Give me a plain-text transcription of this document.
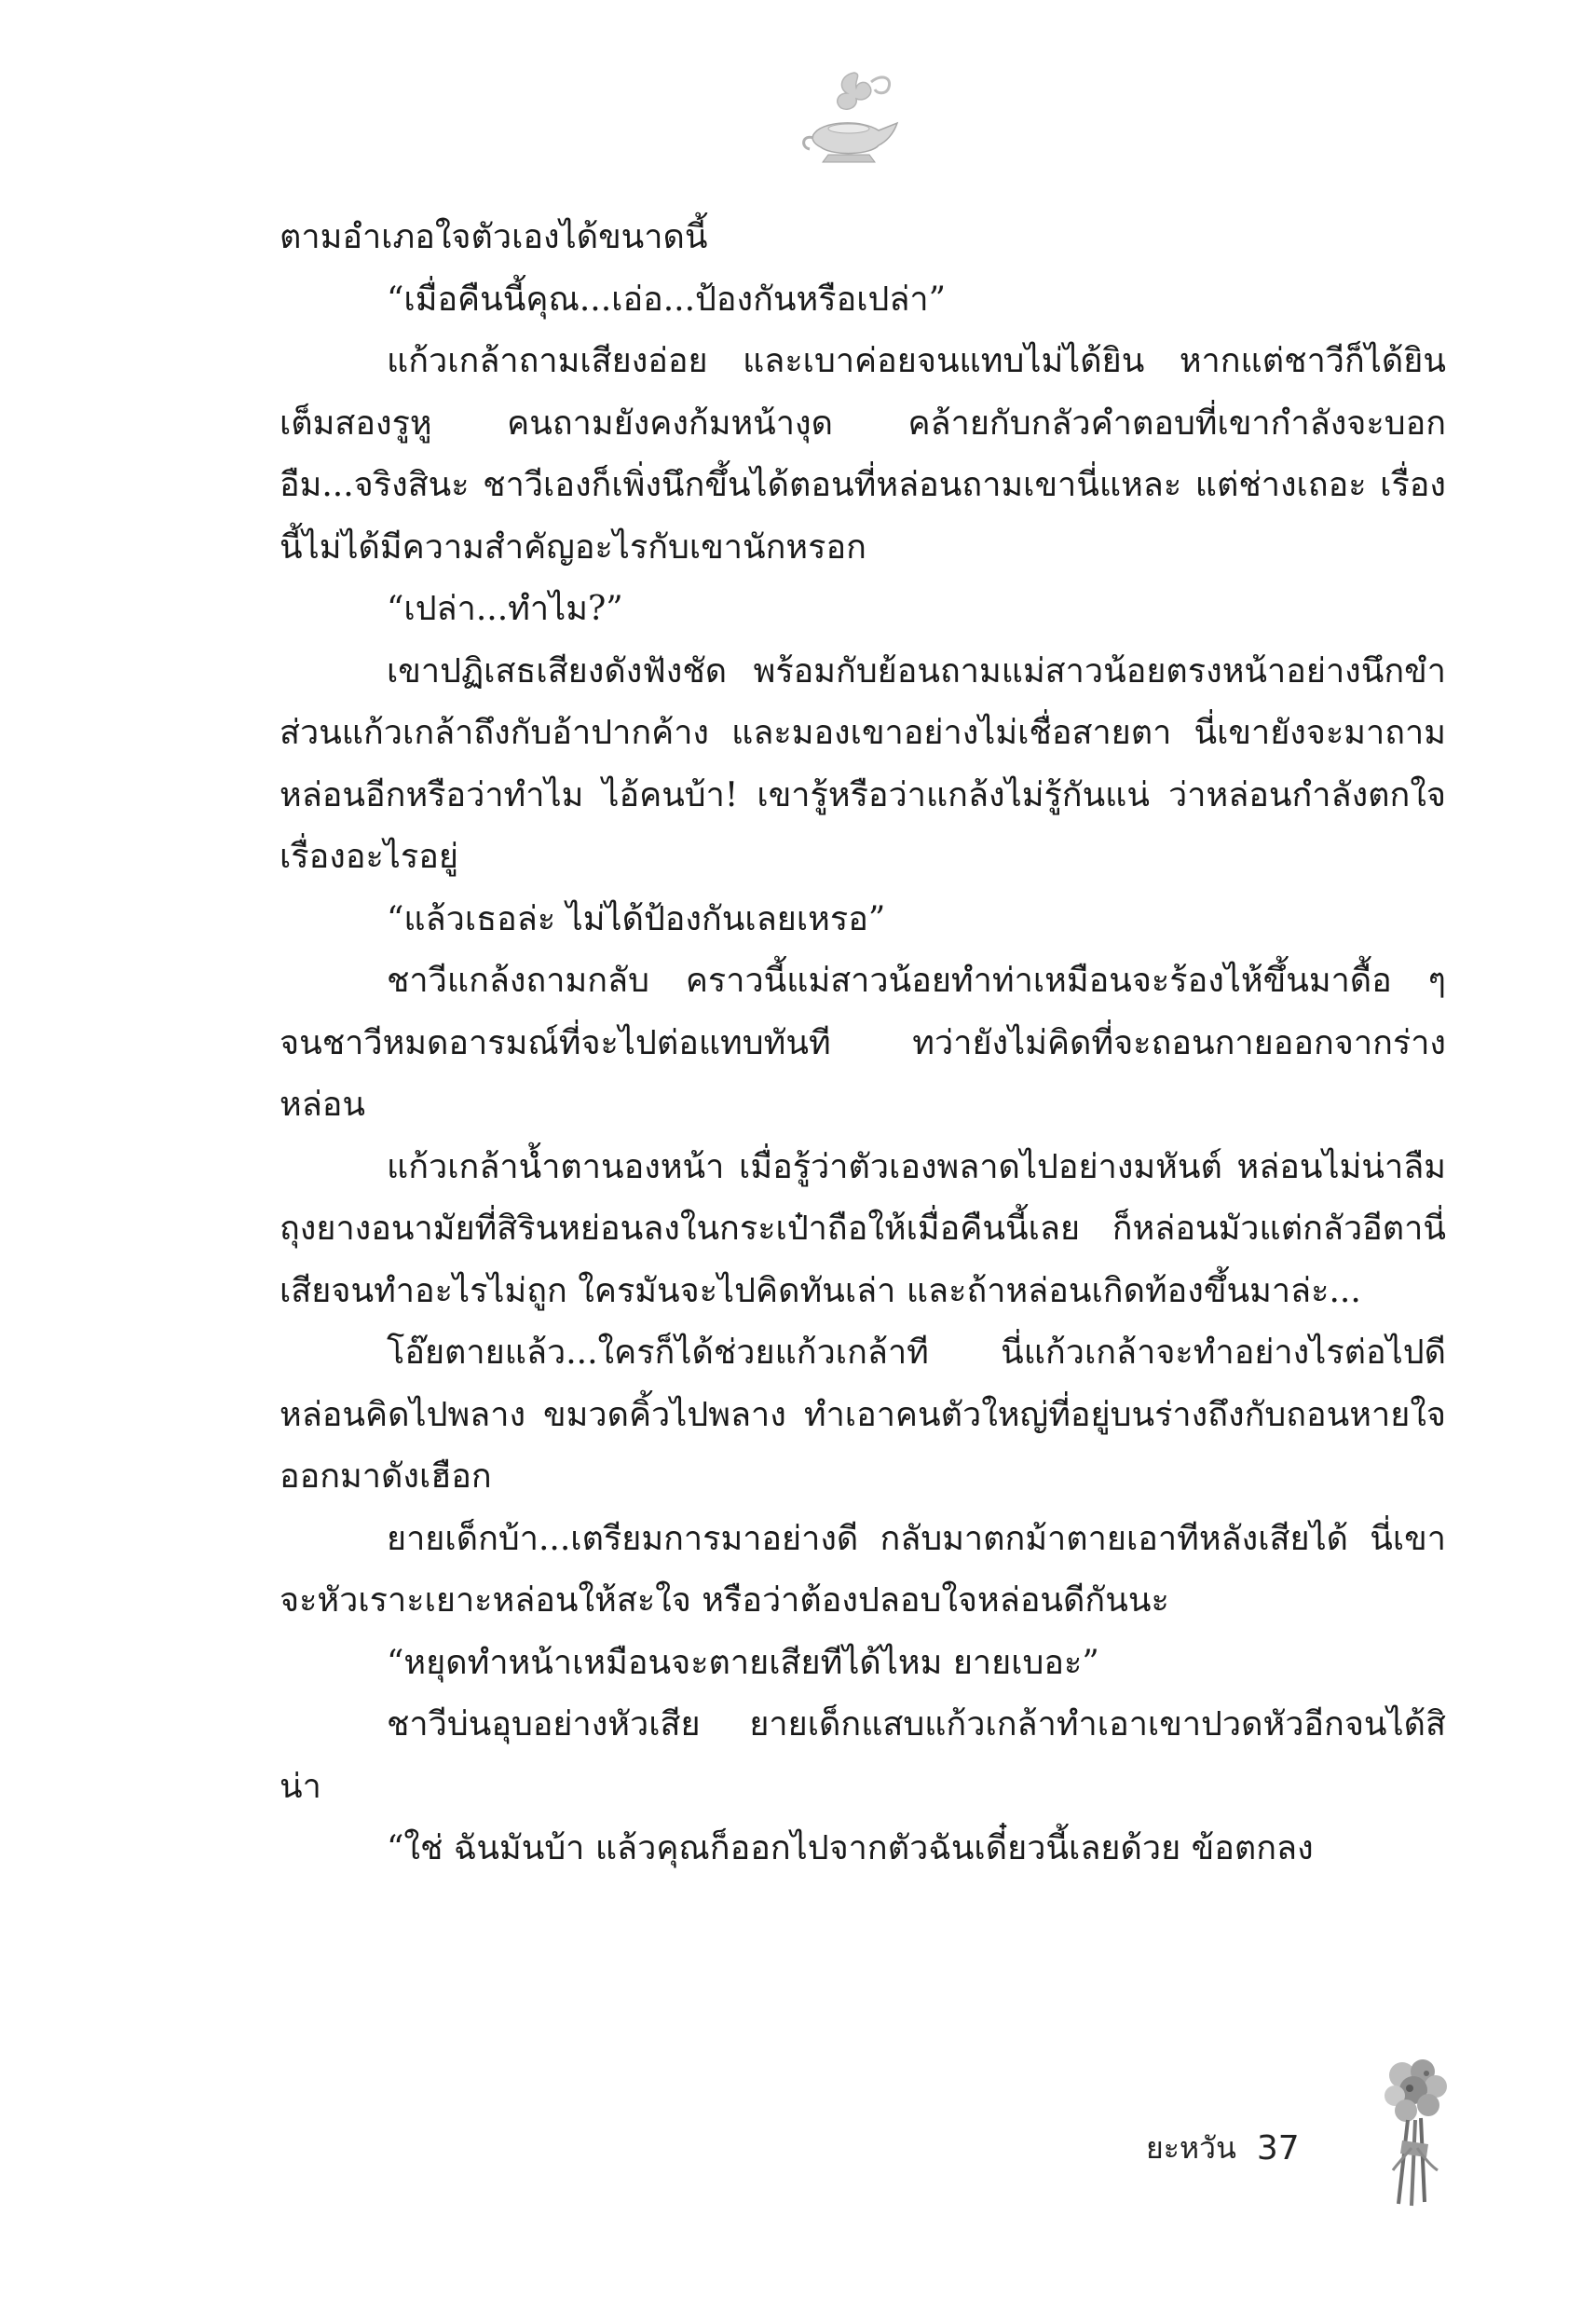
ตามอำเภอใจตัวเองได้ขนาดนี้

“เมื่อคืนนี้คุณ...เอ่อ...ป้องกันหรือเปล่า”

แก้วเกล้าถามเสียงอ่อย และเบาค่อยจนแทบไม่ได้ยิน หากแต่ชาวีก็ได้ยินเต็มสองรูหู คนถามยังคงก้มหน้างุด คล้ายกับกลัวคำตอบที่เขากำลังจะบอก อืม...จริงสินะ ชาวีเองก็เพิ่งนึกขึ้นได้ตอนที่หล่อนถามเขานี่แหละ แต่ช่างเถอะ เรื่องนี้ไม่ได้มีความสำคัญอะไรกับเขานักหรอก

“เปล่า...ทำไม?”

เขาปฏิเสธเสียงดังฟังชัด พร้อมกับย้อนถามแม่สาวน้อยตรงหน้าอย่างนึกขำ ส่วนแก้วเกล้าถึงกับอ้าปากค้าง และมองเขาอย่างไม่เชื่อสายตา นี่เขายังจะมาถามหล่อนอีกหรือว่าทำไม ไอ้คนบ้า! เขารู้หรือว่าแกล้งไม่รู้กันแน่ ว่าหล่อนกำลังตกใจเรื่องอะไรอยู่

“แล้วเธอล่ะ ไม่ได้ป้องกันเลยเหรอ”

ชาวีแกล้งถามกลับ คราวนี้แม่สาวน้อยทำท่าเหมือนจะร้องไห้ขึ้นมาดื้อ ๆ จนชาวีหมดอารมณ์ที่จะไปต่อแทบทันที ทว่ายังไม่คิดที่จะถอนกายออกจากร่างหล่อน

แก้วเกล้าน้ำตานองหน้า เมื่อรู้ว่าตัวเองพลาดไปอย่างมหันต์ หล่อนไม่น่าลืมถุงยางอนามัยที่สิรินหย่อนลงในกระเป๋าถือให้เมื่อคืนนี้เลย ก็หล่อนมัวแต่กลัวอีตานี่เสียจนทำอะไรไม่ถูก ใครมันจะไปคิดทันเล่า และถ้าหล่อนเกิดท้องขึ้นมาล่ะ...

โอ๊ยตายแล้ว...ใครก็ได้ช่วยแก้วเกล้าที นี่แก้วเกล้าจะทำอย่างไรต่อไปดี หล่อนคิดไปพลาง ขมวดคิ้วไปพลาง ทำเอาคนตัวใหญ่ที่อยู่บนร่างถึงกับถอนหายใจออกมาดังเฮือก

ยายเด็กบ้า...เตรียมการมาอย่างดี กลับมาตกม้าตายเอาทีหลังเสียได้ นี่เขาจะหัวเราะเยาะหล่อนให้สะใจ หรือว่าต้องปลอบใจหล่อนดีกันนะ

“หยุดทำหน้าเหมือนจะตายเสียทีได้ไหม ยายเบอะ”

ชาวีบ่นอุบอย่างหัวเสีย ยายเด็กแสบแก้วเกล้าทำเอาเขาปวดหัวอีกจนได้สิน่า

“ใช่ ฉันมันบ้า แล้วคุณก็ออกไปจากตัวฉันเดี๋ยวนี้เลยด้วย ข้อตกลง

ยะหวัน 37
